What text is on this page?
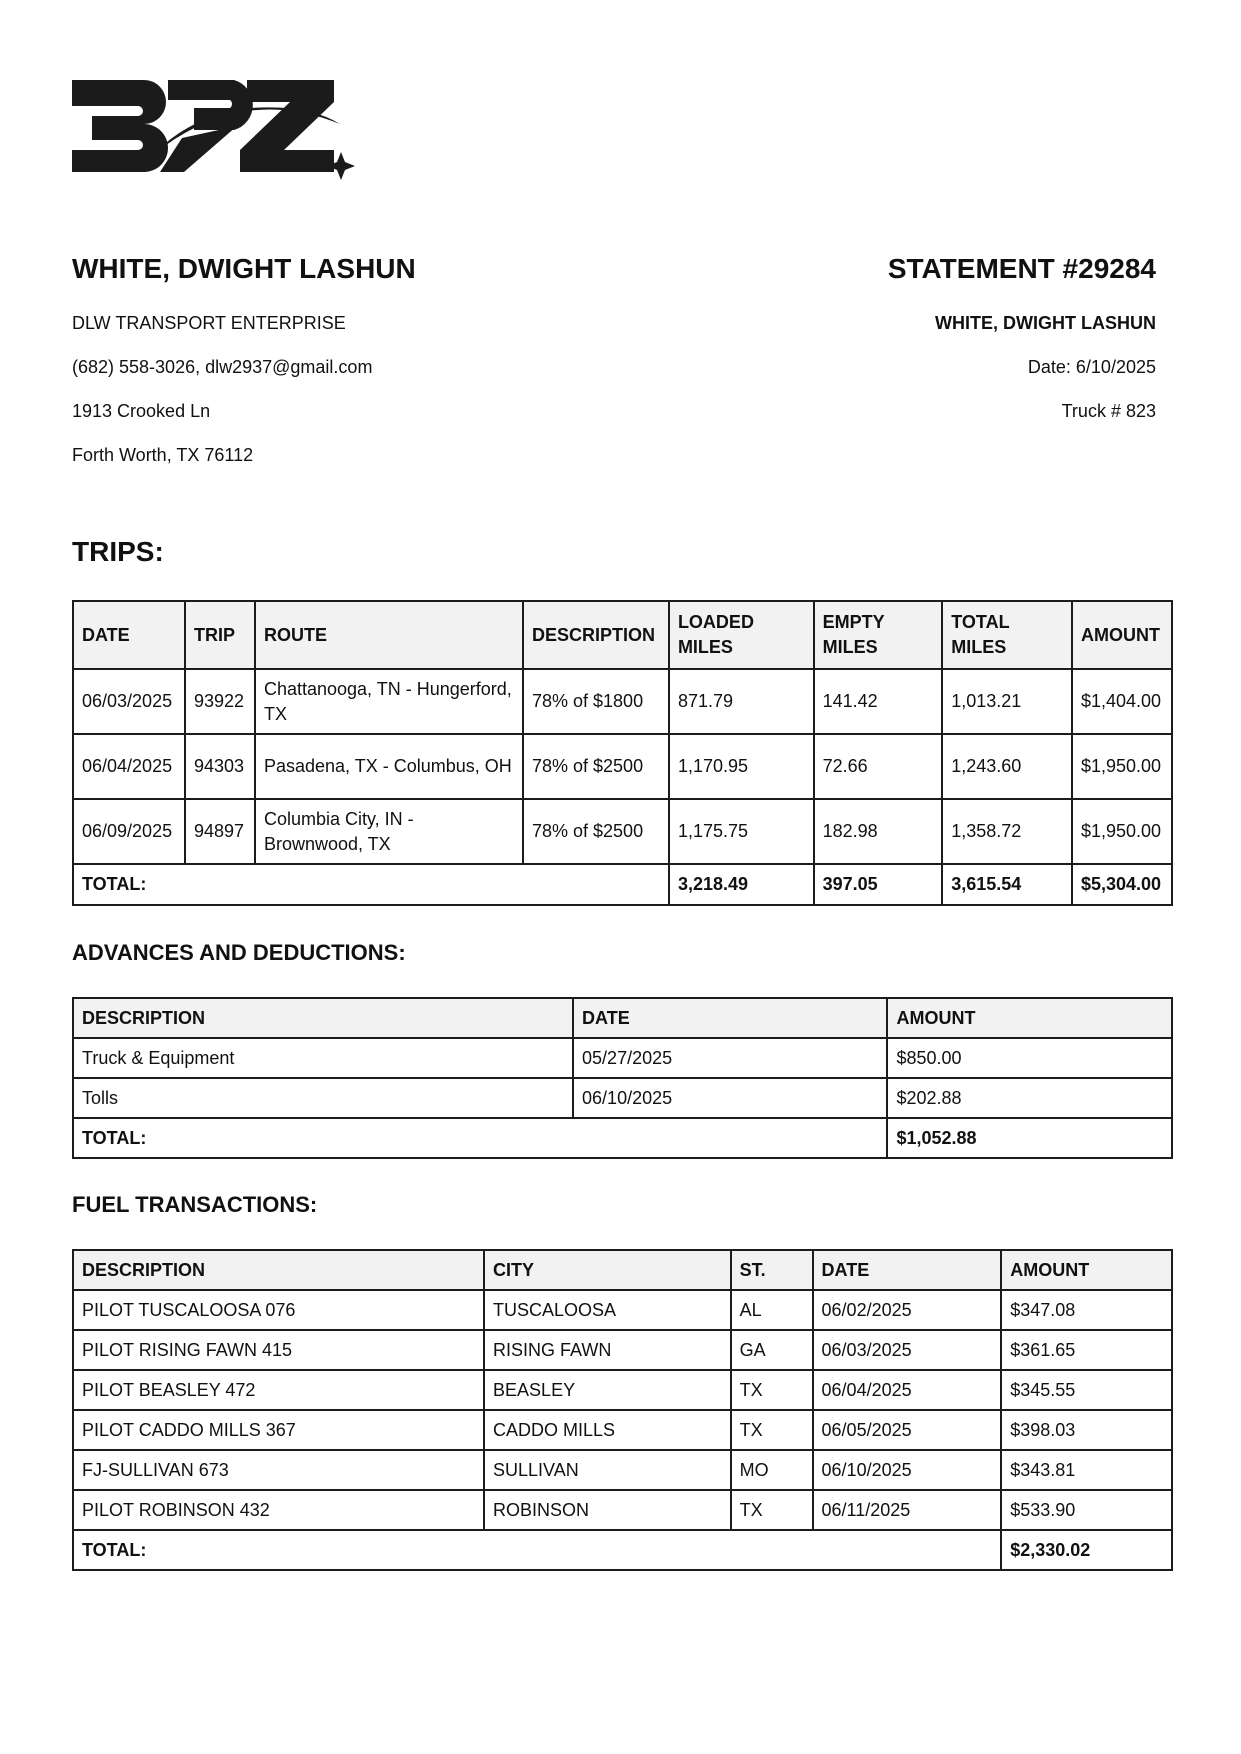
WHITE, DWIGHT LASHUN
DLW TRANSPORT ENTERPRISE
(682) 558-3026, dlw2937@gmail.com
1913 Crooked Ln
Forth Worth, TX 76112
STATEMENT #29284
WHITE, DWIGHT LASHUN
Date: 6/10/2025
Truck # 823
TRIPS:
DATE	TRIP	ROUTE	DESCRIPTION	LOADED MILES	EMPTY MILES	TOTAL MILES	AMOUNT
06/03/2025	93922	Chattanooga, TN - Hungerford, TX	78% of $1800	871.79	141.42	1,013.21	$1,404.00
06/04/2025	94303	Pasadena, TX - Columbus, OH	78% of $2500	1,170.95	72.66	1,243.60	$1,950.00
06/09/2025	94897	Columbia City, IN - Brownwood, TX	78% of $2500	1,175.75	182.98	1,358.72	$1,950.00
TOTAL:				3,218.49	397.05	3,615.54	$5,304.00
ADVANCES AND DEDUCTIONS:
DESCRIPTION	DATE	AMOUNT
Truck & Equipment	05/27/2025	$850.00
Tolls	06/10/2025	$202.88
TOTAL:		$1,052.88
FUEL TRANSACTIONS:
DESCRIPTION	CITY	ST.	DATE	AMOUNT
PILOT TUSCALOOSA 076	TUSCALOOSA	AL	06/02/2025	$347.08
PILOT RISING FAWN 415	RISING FAWN	GA	06/03/2025	$361.65
PILOT BEASLEY 472	BEASLEY	TX	06/04/2025	$345.55
PILOT CADDO MILLS 367	CADDO MILLS	TX	06/05/2025	$398.03
FJ-SULLIVAN 673	SULLIVAN	MO	06/10/2025	$343.81
PILOT ROBINSON 432	ROBINSON	TX	06/11/2025	$533.90
TOTAL:				$2,330.02
